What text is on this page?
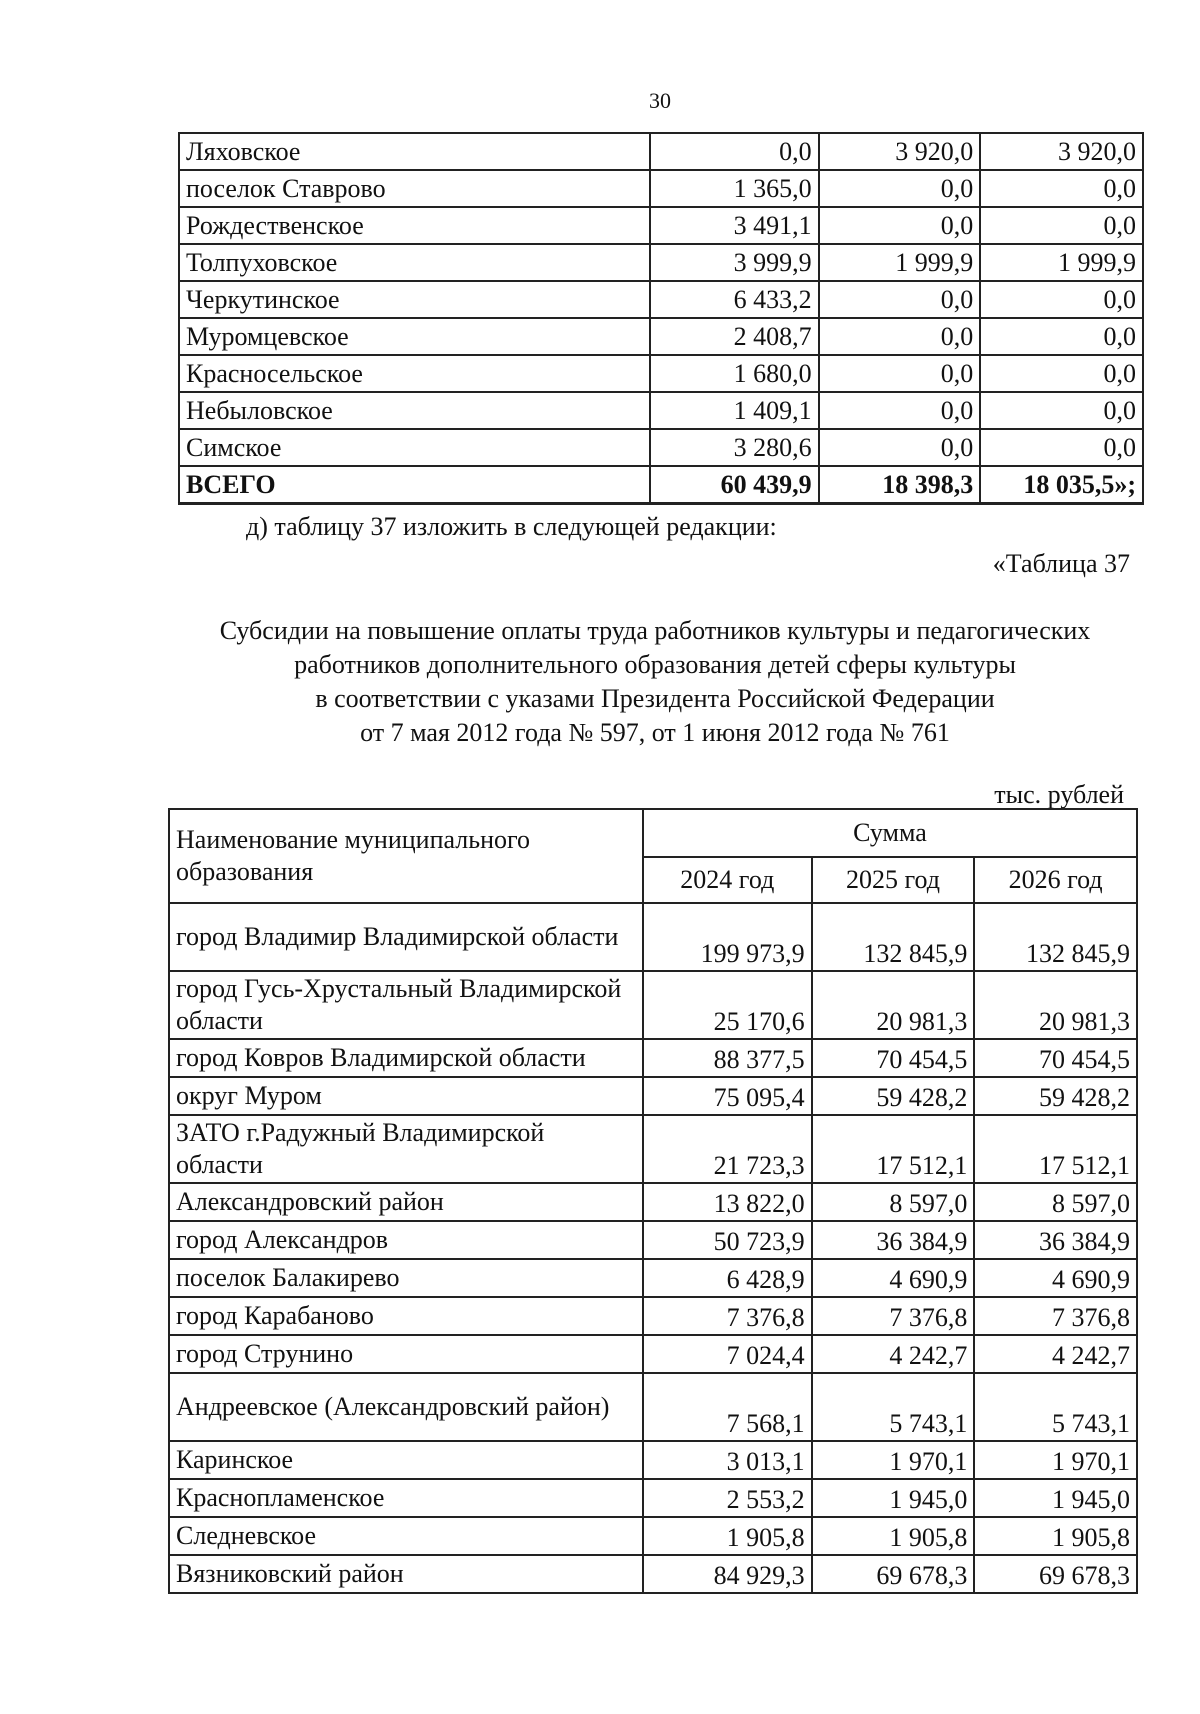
30
Ляховское	0,0	3 920,0	3 920,0
поселок Ставрово	1 365,0	0,0	0,0
Рождественское	3 491,1	0,0	0,0
Толпуховское	3 999,9	1 999,9	1 999,9
Черкутинское	6 433,2	0,0	0,0
Муромцевское	2 408,7	0,0	0,0
Красносельское	1 680,0	0,0	0,0
Небыловское	1 409,1	0,0	0,0
Симское	3 280,6	0,0	0,0
ВСЕГО	60 439,9	18 398,3	18 035,5»;
д) таблицу 37 изложить в следующей редакции:
«Таблица 37
Субсидии на повышение оплаты труда работников культуры и педагогических
работников дополнительного образования детей сферы культуры
в соответствии с указами Президента Российской Федерации
от 7 мая 2012 года № 597, от 1 июня 2012 года № 761
тыс. рублей
Наименование муниципального образования	Сумма		
	2024 год	2025 год	2026 год
город Владимир Владимирской области	199 973,9	132 845,9	132 845,9
город Гусь-Хрустальный Владимирской области	25 170,6	20 981,3	20 981,3
город Ковров Владимирской области	88 377,5	70 454,5	70 454,5
округ Муром	75 095,4	59 428,2	59 428,2
ЗАТО г.Радужный Владимирской области	21 723,3	17 512,1	17 512,1
Александровский район	13 822,0	8 597,0	8 597,0
город Александров	50 723,9	36 384,9	36 384,9
поселок Балакирево	6 428,9	4 690,9	4 690,9
город Карабаново	7 376,8	7 376,8	7 376,8
город Струнино	7 024,4	4 242,7	4 242,7
Андреевское (Александровский район)	7 568,1	5 743,1	5 743,1
Каринское	3 013,1	1 970,1	1 970,1
Краснопламенское	2 553,2	1 945,0	1 945,0
Следневское	1 905,8	1 905,8	1 905,8
Вязниковский район	84 929,3	69 678,3	69 678,3
